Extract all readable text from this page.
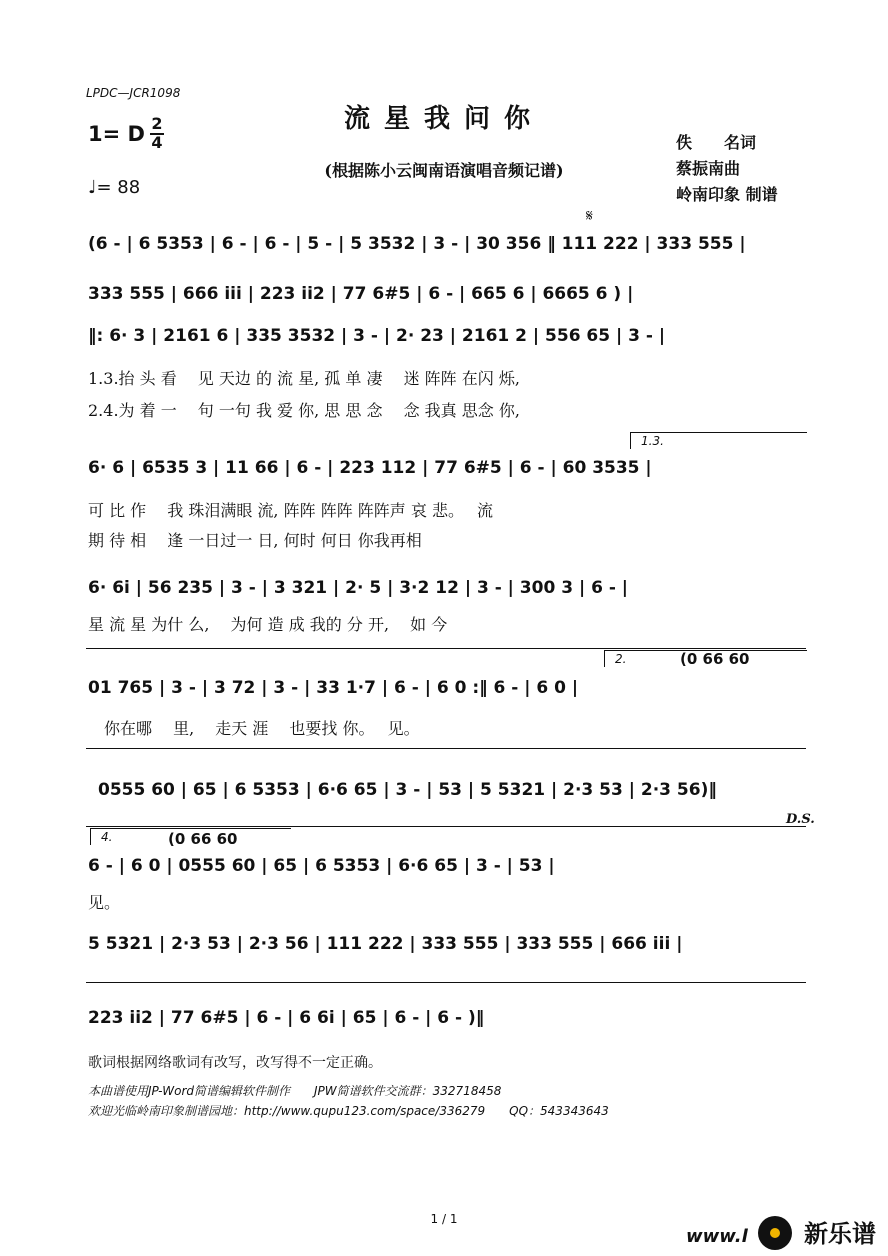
LPDC—JCR1098
流星我问你
1= D 2
4
♩= 88
(根据陈小云闽南语演唱音频记谱)
佚　　名词
蔡振南曲
岭南印象 制谱
𝄋
(6 - | 6 5353 | 6 - | 6 - | 5 - | 5 3532 | 3 - | 30 356 ‖ 111 222 | 333 555 |
333 555 | 666 iii | 223 ii2 | 77 6#5 | 6 - | 665 6 | 6665 6 ) |
‖: 6· 3 | 2161 6 | 335 3532 | 3 - | 2· 23 | 2161 2 | 556 65 | 3 - |
1.3.抬 头 看　 见 天边 的 流 星, 孤 单 凄　 迷 阵阵 在闪 烁,
2.4.为 着 一　 句 一句 我 爱 你, 思 思 念　 念 我真 思念 你,
1.3.
6· 6 | 6535 3 | 11 66 | 6 - | 223 112 | 77 6#5 | 6 - | 60 3535 |
可 比 作　 我 珠泪满眼 流, 阵阵 阵阵 阵阵声 哀 悲。　 流
期 待 相　 逢 一日过一 日, 何时 何日 你我再相
6· 6i | 56 235 | 3 - | 3 321 | 2· 5 | 3·2 12 | 3 - | 300 3 | 6 - |
星 流 星 为什 么,　 为何 造 成 我的 分 开,　 如 今
2.	(0 66 60
01 765 | 3 - | 3 72 | 3 - | 33 1·7 | 6 - | 6 0 :‖ 6 - | 6 0 |
你在哪　 里,　 走天 涯　 也要找 你。　 见。
0555 60 | 65 | 6 5353 | 6·6 65 | 3 - | 53 | 5 5321 | 2·3 53 | 2·3 56)‖
D.S.
4.	(0 66 60
6 - | 6 0 | 0555 60 | 65 | 6 5353 | 6·6 65 | 3 - | 53 |
见。
5 5321 | 2·3 53 | 2·3 56 | 111 222 | 333 555 | 333 555 | 666 iii |
223 ii2 | 77 6#5 | 6 - | 6 6i | 65 | 6 - | 6 - )‖
歌词根据网络歌词有改写，改写得不一定正确。
本曲谱使用JP-Word简谱编辑软件制作　　JPW简谱软件交流群：332718458
欢迎光临岭南印象制谱园地：http://www.qupu123.com/space/336279　　QQ：543343643
1 / 1
www.l 新乐谱
